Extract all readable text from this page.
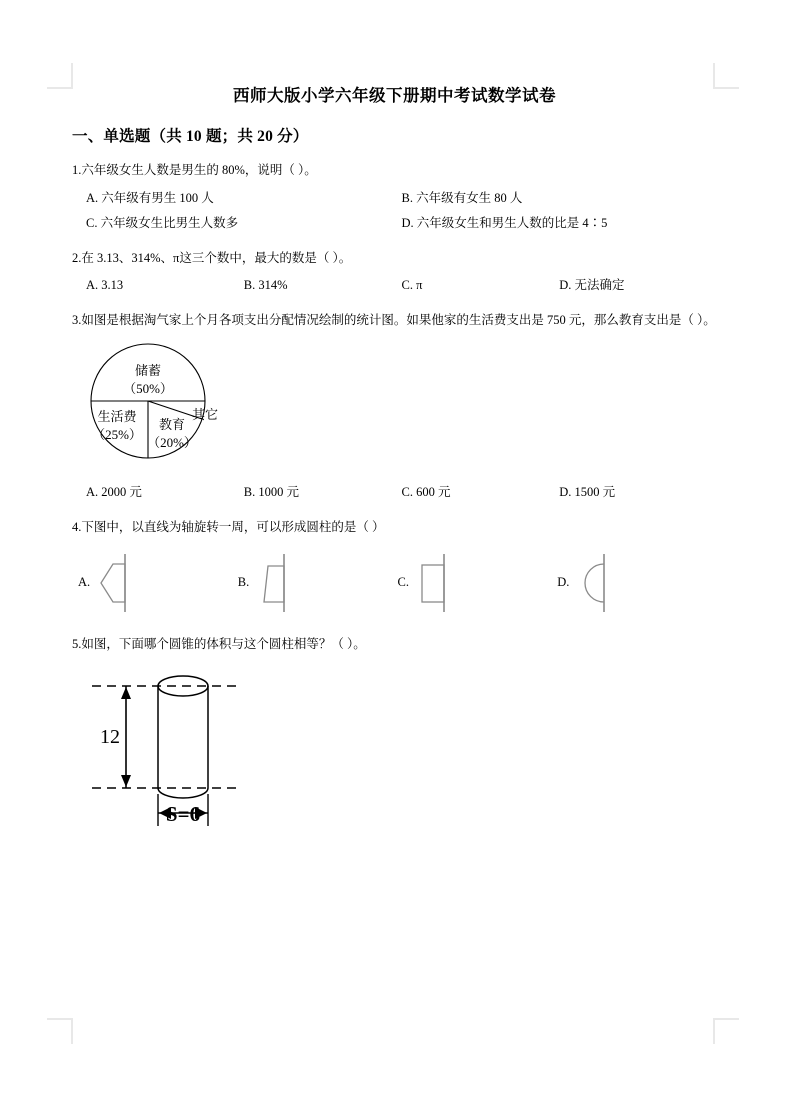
西师大版小学六年级下册期中考试数学试卷
一、单选题（共 10 题；共 20 分）

1.六年级女生人数是男生的 80%，说明（ ）。

A. 六年级有男生 100 人	B. 六年级有女生 80 人
C. 六年级女生比男生人数多	D. 六年级女生和男生人数的比是 4∶5

2.在 3.13、314%、π这三个数中，最大的数是（ ）。

A. 3.13	B. 314%	C. π	D. 无法确定

3.如图是根据淘气家上个月各项支出分配情况绘制的统计图。如果他家的生活费支出是 750 元，那么教育支出是（ ）。

储蓄
（50%）
生活费
（25%）
教育
（20%）
其它
A. 2000 元	B. 1000 元	C. 600 元	D. 1500 元

4.下图中，以直线为轴旋转一周，可以形成圆柱的是（ ）

A.	B.	C.	D.

5.如图，下面哪个圆锥的体积与这个圆柱相等？（ ）。

12
S=6
